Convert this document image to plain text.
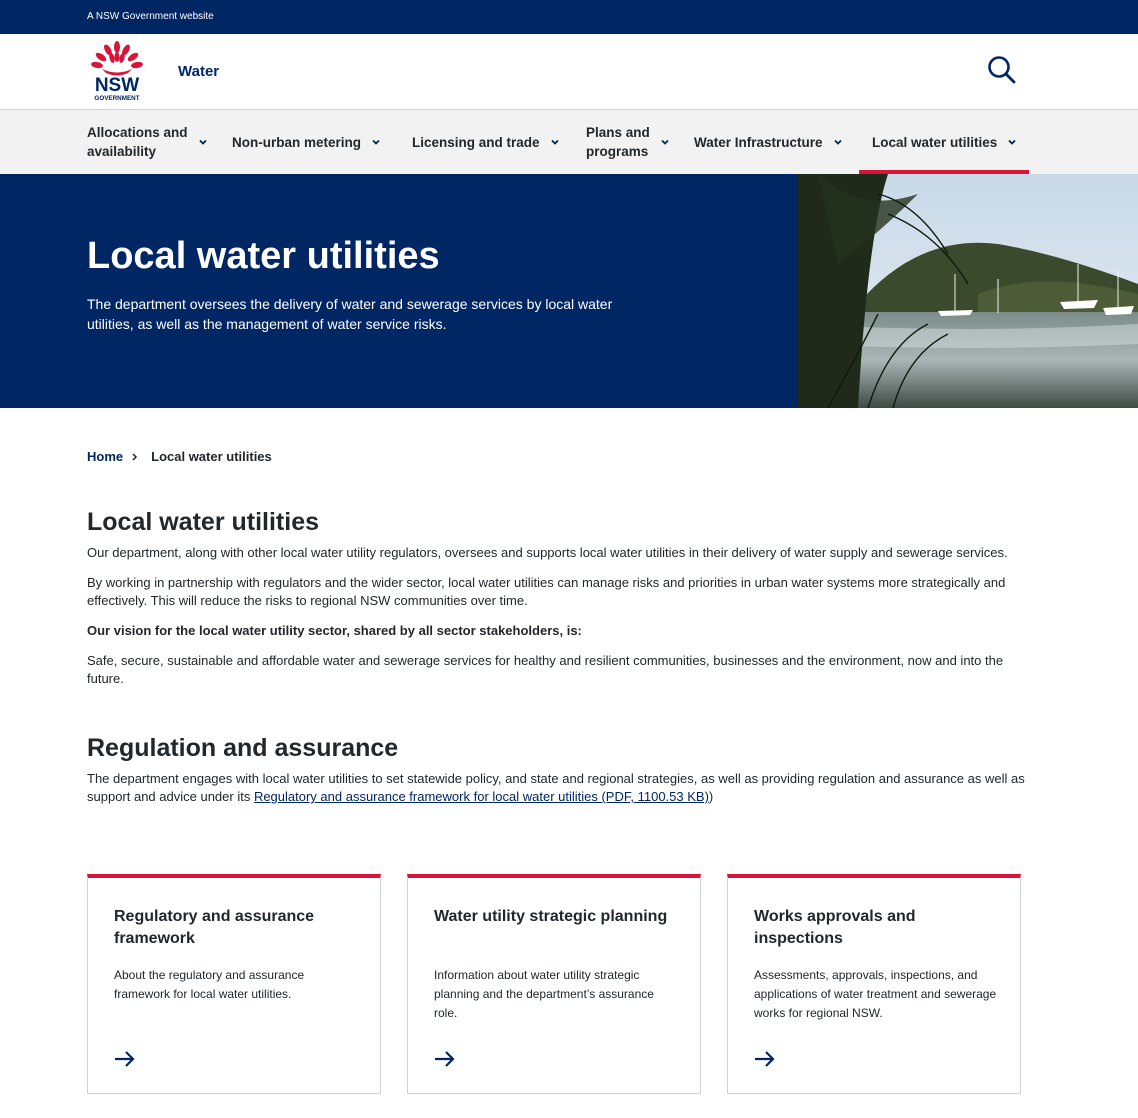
A NSW Government website
NSW
GOVERNMENT
Water
Allocations and
availability
Non-urban metering	Licensing and trade
Plans and
programs
Water Infrastructure	Local water utilities
Local water utilities

The department oversees the delivery of water and sewerage services by local water utilities, as well as the management of water service risks.

Home Local water utilities
Local water utilities

Our department, along with other local water utility regulators, oversees and supports local water utilities in their delivery of water supply and sewerage services.

By working in partnership with regulators and the wider sector, local water utilities can manage risks and priorities in urban water systems more strategically and effectively. This will reduce the risks to regional NSW communities over time.

Our vision for the local water utility sector, shared by all sector stakeholders, is:

Safe, secure, sustainable and affordable water and sewerage services for healthy and resilient communities, businesses and the environment, now and into the future.

Regulation and assurance

The department engages with local water utilities to set statewide policy, and state and regional strategies, as well as providing regulation and assurance as well as support and advice under its Regulatory and assurance framework for local water utilities (PDF, 1100.53 KB))

Regulatory and assurance framework
About the regulatory and assurance framework for local water utilities.
Water utility strategic planning
Information about water utility strategic planning and the department’s assurance role.
Works approvals and inspections
Assessments, approvals, inspections, and applications of water treatment and sewerage works for regional NSW.
